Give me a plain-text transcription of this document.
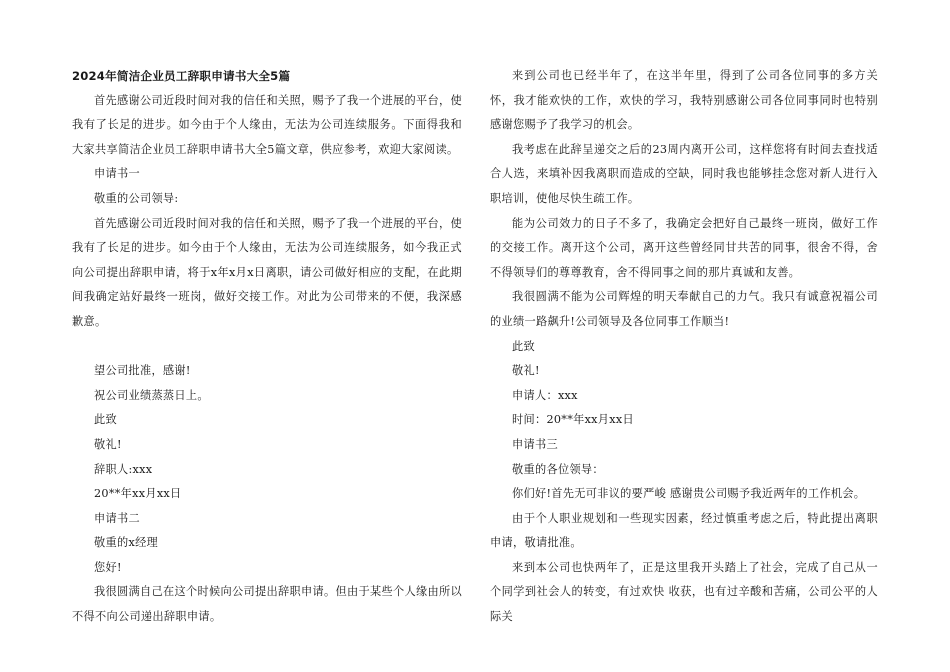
2024年简洁企业员工辞职申请书大全5篇

首先感谢公司近段时间对我的信任和关照，赐予了我一个进展的平台，使我有了长足的进步。如今由于个人缘由，无法为公司连续服务。下面得我和大家共享简洁企业员工辞职申请书大全5篇文章，供应参考，欢迎大家阅读。

申请书一

敬重的公司领导:

首先感谢公司近段时间对我的信任和关照，赐予了我一个进展的平台，使我有了长足的进步。如今由于个人缘由，无法为公司连续服务，如今我正式向公司提出辞职申请，将于x年x月x日离职，请公司做好相应的支配，在此期间我确定站好最终一班岗，做好交接工作。对此为公司带来的不便，我深感歉意。

望公司批准，感谢!

祝公司业绩蒸蒸日上。

此致

敬礼!

辞职人:xxx

20**年xx月xx日

申请书二

敬重的x经理

您好!

我很圆满自己在这个时候向公司提出辞职申请。但由于某些个人缘由所以不得不向公司递出辞职申请。

来到公司也已经半年了，在这半年里，得到了公司各位同事的多方关怀，我才能欢快的工作，欢快的学习，我特别感谢公司各位同事同时也特别感谢您赐予了我学习的机会。

我考虑在此辞呈递交之后的23周内离开公司，这样您将有时间去查找适合人选，来填补因我离职而造成的空缺，同时我也能够挂念您对新人进行入职培训，使他尽快生疏工作。

能为公司效力的日子不多了，我确定会把好自己最终一班岗，做好工作的交接工作。离开这个公司，离开这些曾经同甘共苦的同事，很舍不得，舍不得领导们的尊尊教育，舍不得同事之间的那片真诚和友善。

我很圆满不能为公司辉煌的明天奉献自己的力气。我只有诚意祝福公司的业绩一路飙升!公司领导及各位同事工作顺当!

此致

敬礼!

申请人：xxx

时间：20**年xx月xx日

申请书三

敬重的各位领导：

你们好!首先无可非议的要严峻 感谢贵公司赐予我近两年的工作机会。

由于个人职业规划和一些现实因素，经过慎重考虑之后，特此提出离职申请，敬请批准。

来到本公司也快两年了，正是这里我开头踏上了社会，完成了自己从一个同学到社会人的转变，有过欢快 收获，也有过辛酸和苦痛，公司公平的人际关
